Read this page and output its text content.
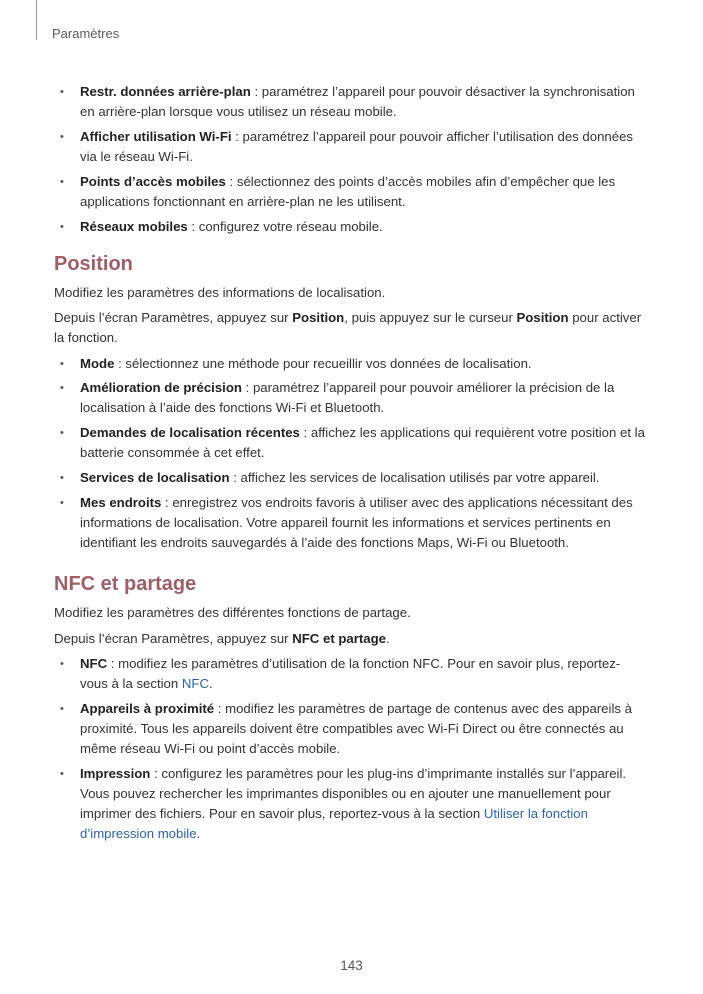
Paramètres
• Restr. données arrière-plan : paramétrez l’appareil pour pouvoir désactiver la synchronisation en arrière-plan lorsque vous utilisez un réseau mobile.
• Afficher utilisation Wi-Fi : paramétrez l’appareil pour pouvoir afficher l’utilisation des données via le réseau Wi-Fi.
• Points d’accès mobiles : sélectionnez des points d’accès mobiles afin d’empêcher que les applications fonctionnant en arrière-plan ne les utilisent.
• Réseaux mobiles : configurez votre réseau mobile.
Position

Modifiez les paramètres des informations de localisation.

Depuis l’écran Paramètres, appuyez sur Position, puis appuyez sur le curseur Position pour activer la fonction.

• Mode : sélectionnez une méthode pour recueillir vos données de localisation.
• Amélioration de précision : paramétrez l’appareil pour pouvoir améliorer la précision de la localisation à l’aide des fonctions Wi-Fi et Bluetooth.
• Demandes de localisation récentes : affichez les applications qui requièrent votre position et la batterie consommée à cet effet.
• Services de localisation : affichez les services de localisation utilisés par votre appareil.
• Mes endroits : enregistrez vos endroits favoris à utiliser avec des applications nécessitant des informations de localisation. Votre appareil fournit les informations et services pertinents en identifiant les endroits sauvegardés à l’aide des fonctions Maps, Wi-Fi ou Bluetooth.
NFC et partage

Modifiez les paramètres des différentes fonctions de partage.

Depuis l’écran Paramètres, appuyez sur NFC et partage.

• NFC : modifiez les paramètres d’utilisation de la fonction NFC. Pour en savoir plus, reportez-vous à la section NFC.
• Appareils à proximité : modifiez les paramètres de partage de contenus avec des appareils à proximité. Tous les appareils doivent être compatibles avec Wi-Fi Direct ou être connectés au même réseau Wi-Fi ou point d’accès mobile.
• Impression : configurez les paramètres pour les plug-ins d’imprimante installés sur l’appareil. Vous pouvez rechercher les imprimantes disponibles ou en ajouter une manuellement pour imprimer des fichiers. Pour en savoir plus, reportez-vous à la section Utiliser la fonction d’impression mobile.
143
